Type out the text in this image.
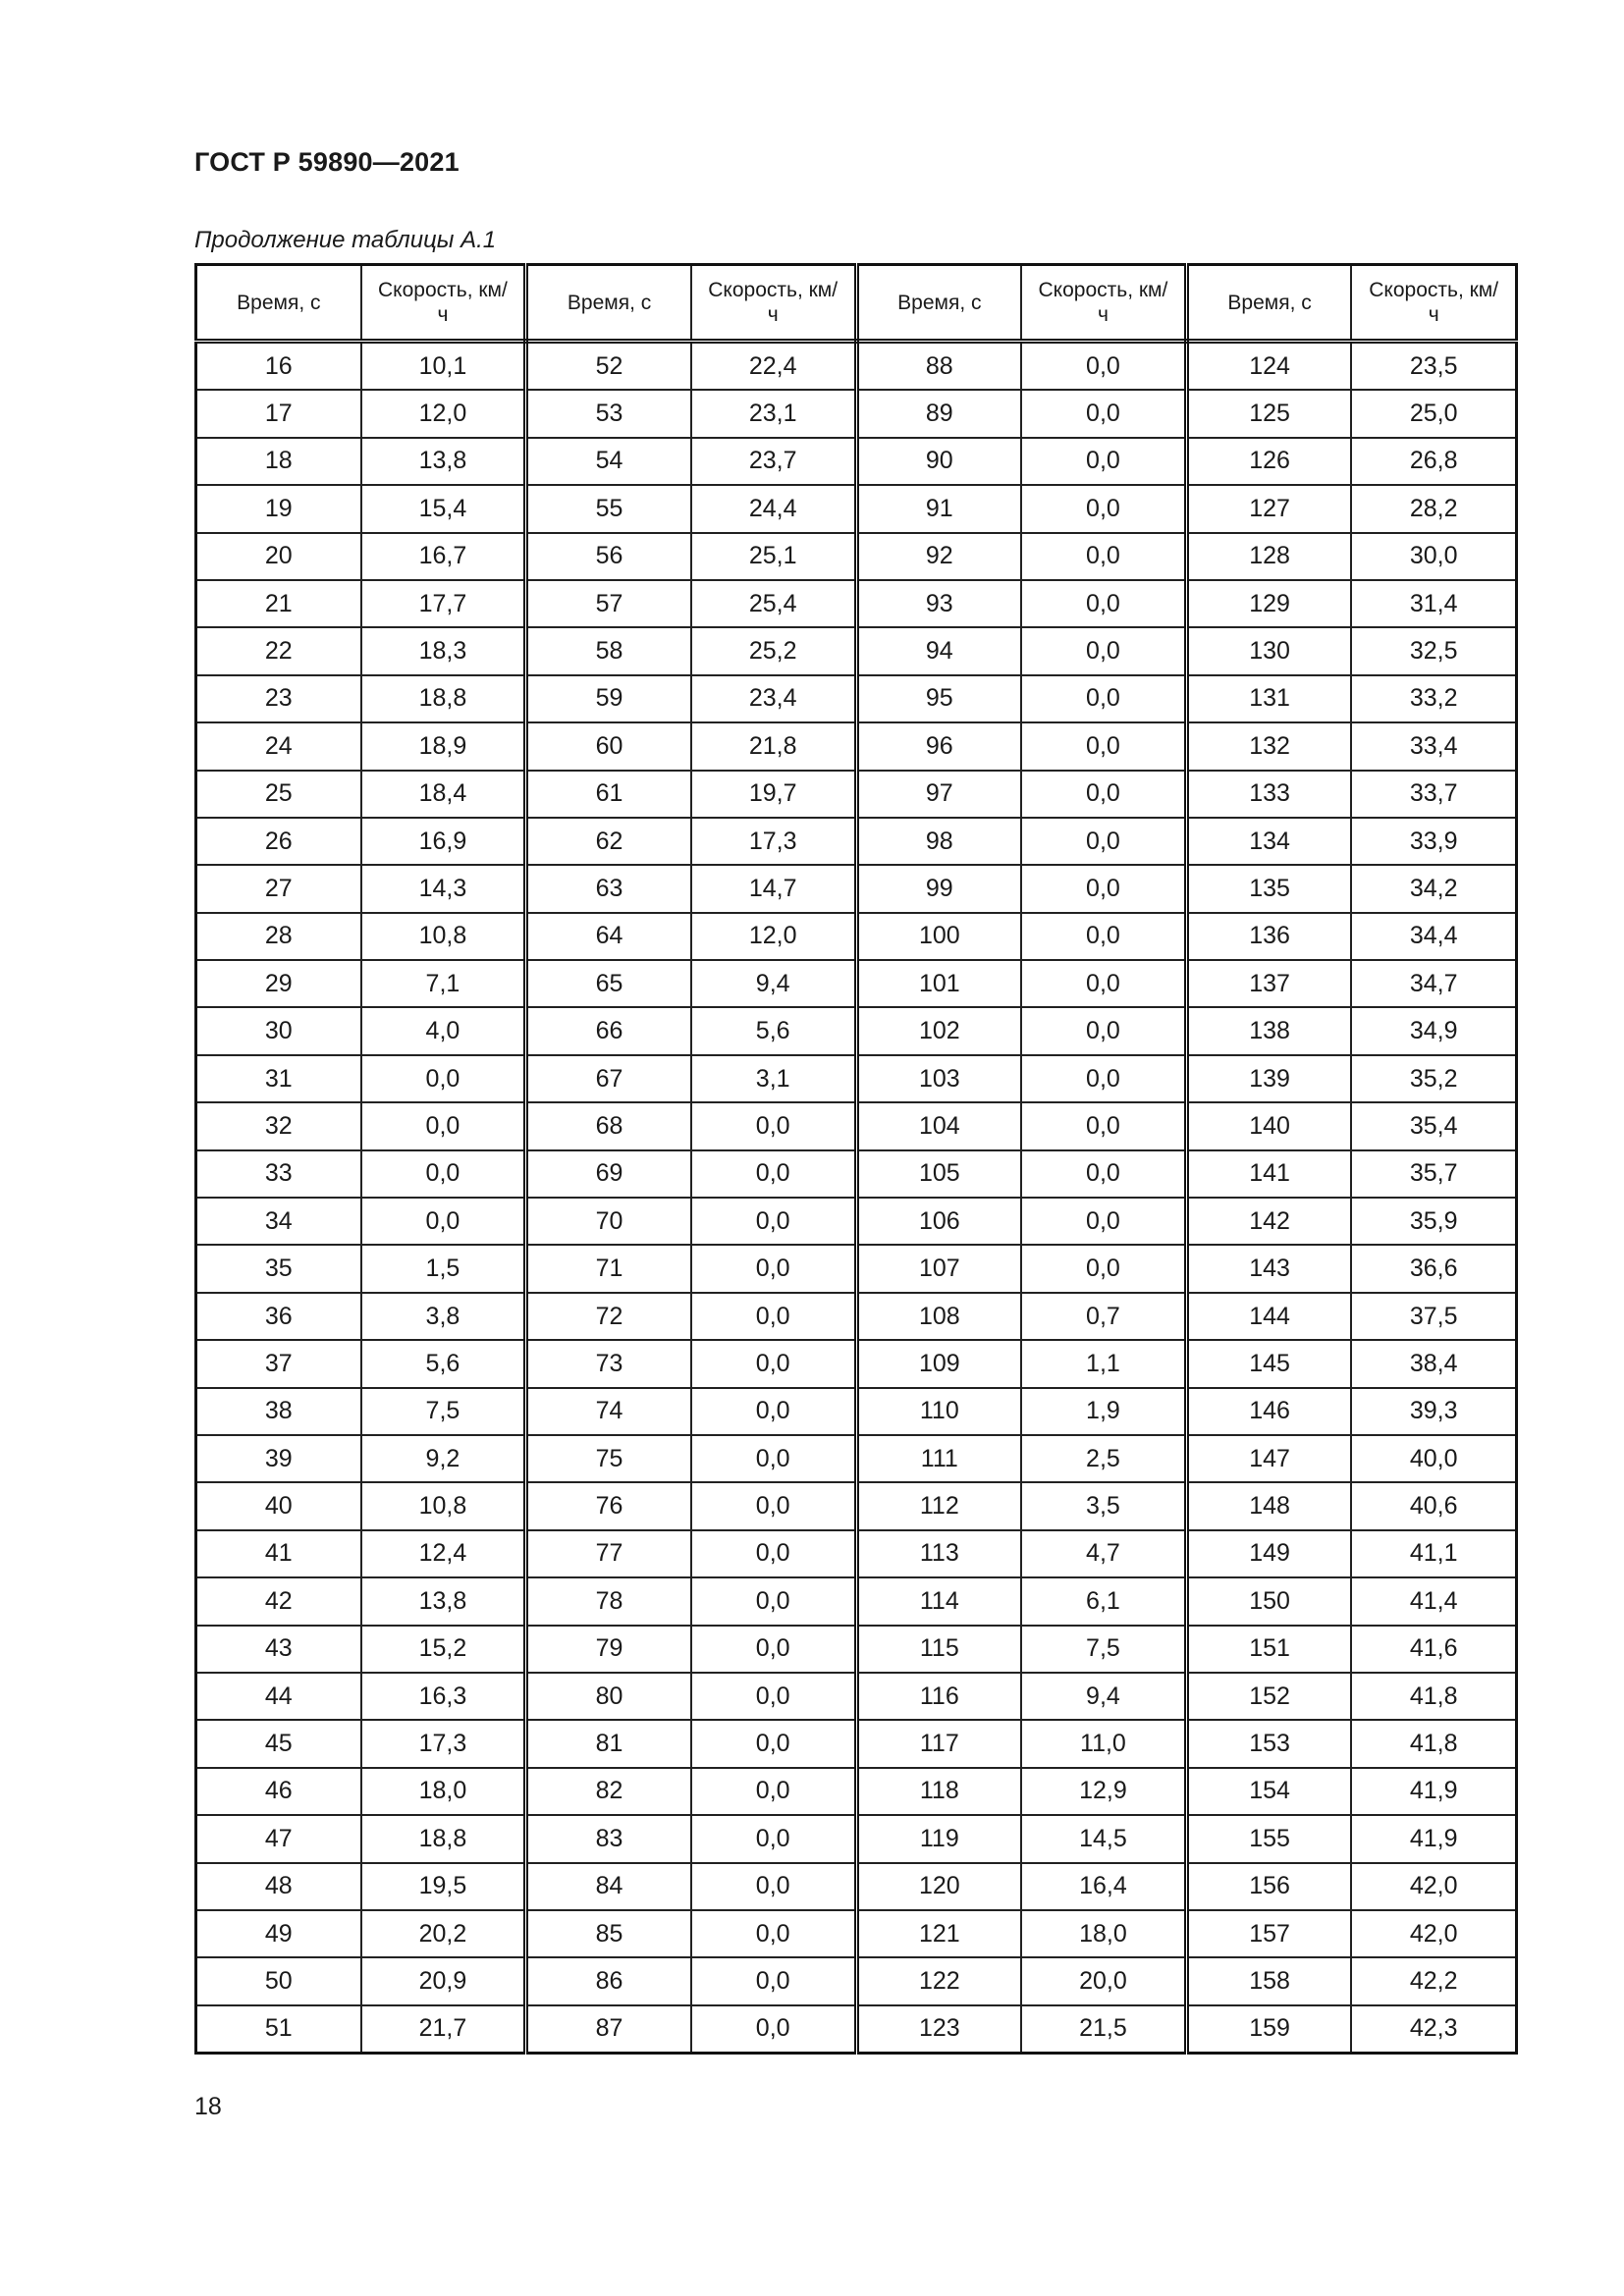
ГОСТ Р 59890—2021
Продолжение таблицы А.1
Время, с	Скорость, км/ч	Время, с	Скорость, км/ч	Время, с	Скорость, км/ч	Время, с	Скорость, км/ч
16	10,1	52	22,4	88	0,0	124	23,5
17	12,0	53	23,1	89	0,0	125	25,0
18	13,8	54	23,7	90	0,0	126	26,8
19	15,4	55	24,4	91	0,0	127	28,2
20	16,7	56	25,1	92	0,0	128	30,0
21	17,7	57	25,4	93	0,0	129	31,4
22	18,3	58	25,2	94	0,0	130	32,5
23	18,8	59	23,4	95	0,0	131	33,2
24	18,9	60	21,8	96	0,0	132	33,4
25	18,4	61	19,7	97	0,0	133	33,7
26	16,9	62	17,3	98	0,0	134	33,9
27	14,3	63	14,7	99	0,0	135	34,2
28	10,8	64	12,0	100	0,0	136	34,4
29	7,1	65	9,4	101	0,0	137	34,7
30	4,0	66	5,6	102	0,0	138	34,9
31	0,0	67	3,1	103	0,0	139	35,2
32	0,0	68	0,0	104	0,0	140	35,4
33	0,0	69	0,0	105	0,0	141	35,7
34	0,0	70	0,0	106	0,0	142	35,9
35	1,5	71	0,0	107	0,0	143	36,6
36	3,8	72	0,0	108	0,7	144	37,5
37	5,6	73	0,0	109	1,1	145	38,4
38	7,5	74	0,0	110	1,9	146	39,3
39	9,2	75	0,0	111	2,5	147	40,0
40	10,8	76	0,0	112	3,5	148	40,6
41	12,4	77	0,0	113	4,7	149	41,1
42	13,8	78	0,0	114	6,1	150	41,4
43	15,2	79	0,0	115	7,5	151	41,6
44	16,3	80	0,0	116	9,4	152	41,8
45	17,3	81	0,0	117	11,0	153	41,8
46	18,0	82	0,0	118	12,9	154	41,9
47	18,8	83	0,0	119	14,5	155	41,9
48	19,5	84	0,0	120	16,4	156	42,0
49	20,2	85	0,0	121	18,0	157	42,0
50	20,9	86	0,0	122	20,0	158	42,2
51	21,7	87	0,0	123	21,5	159	42,3
18
